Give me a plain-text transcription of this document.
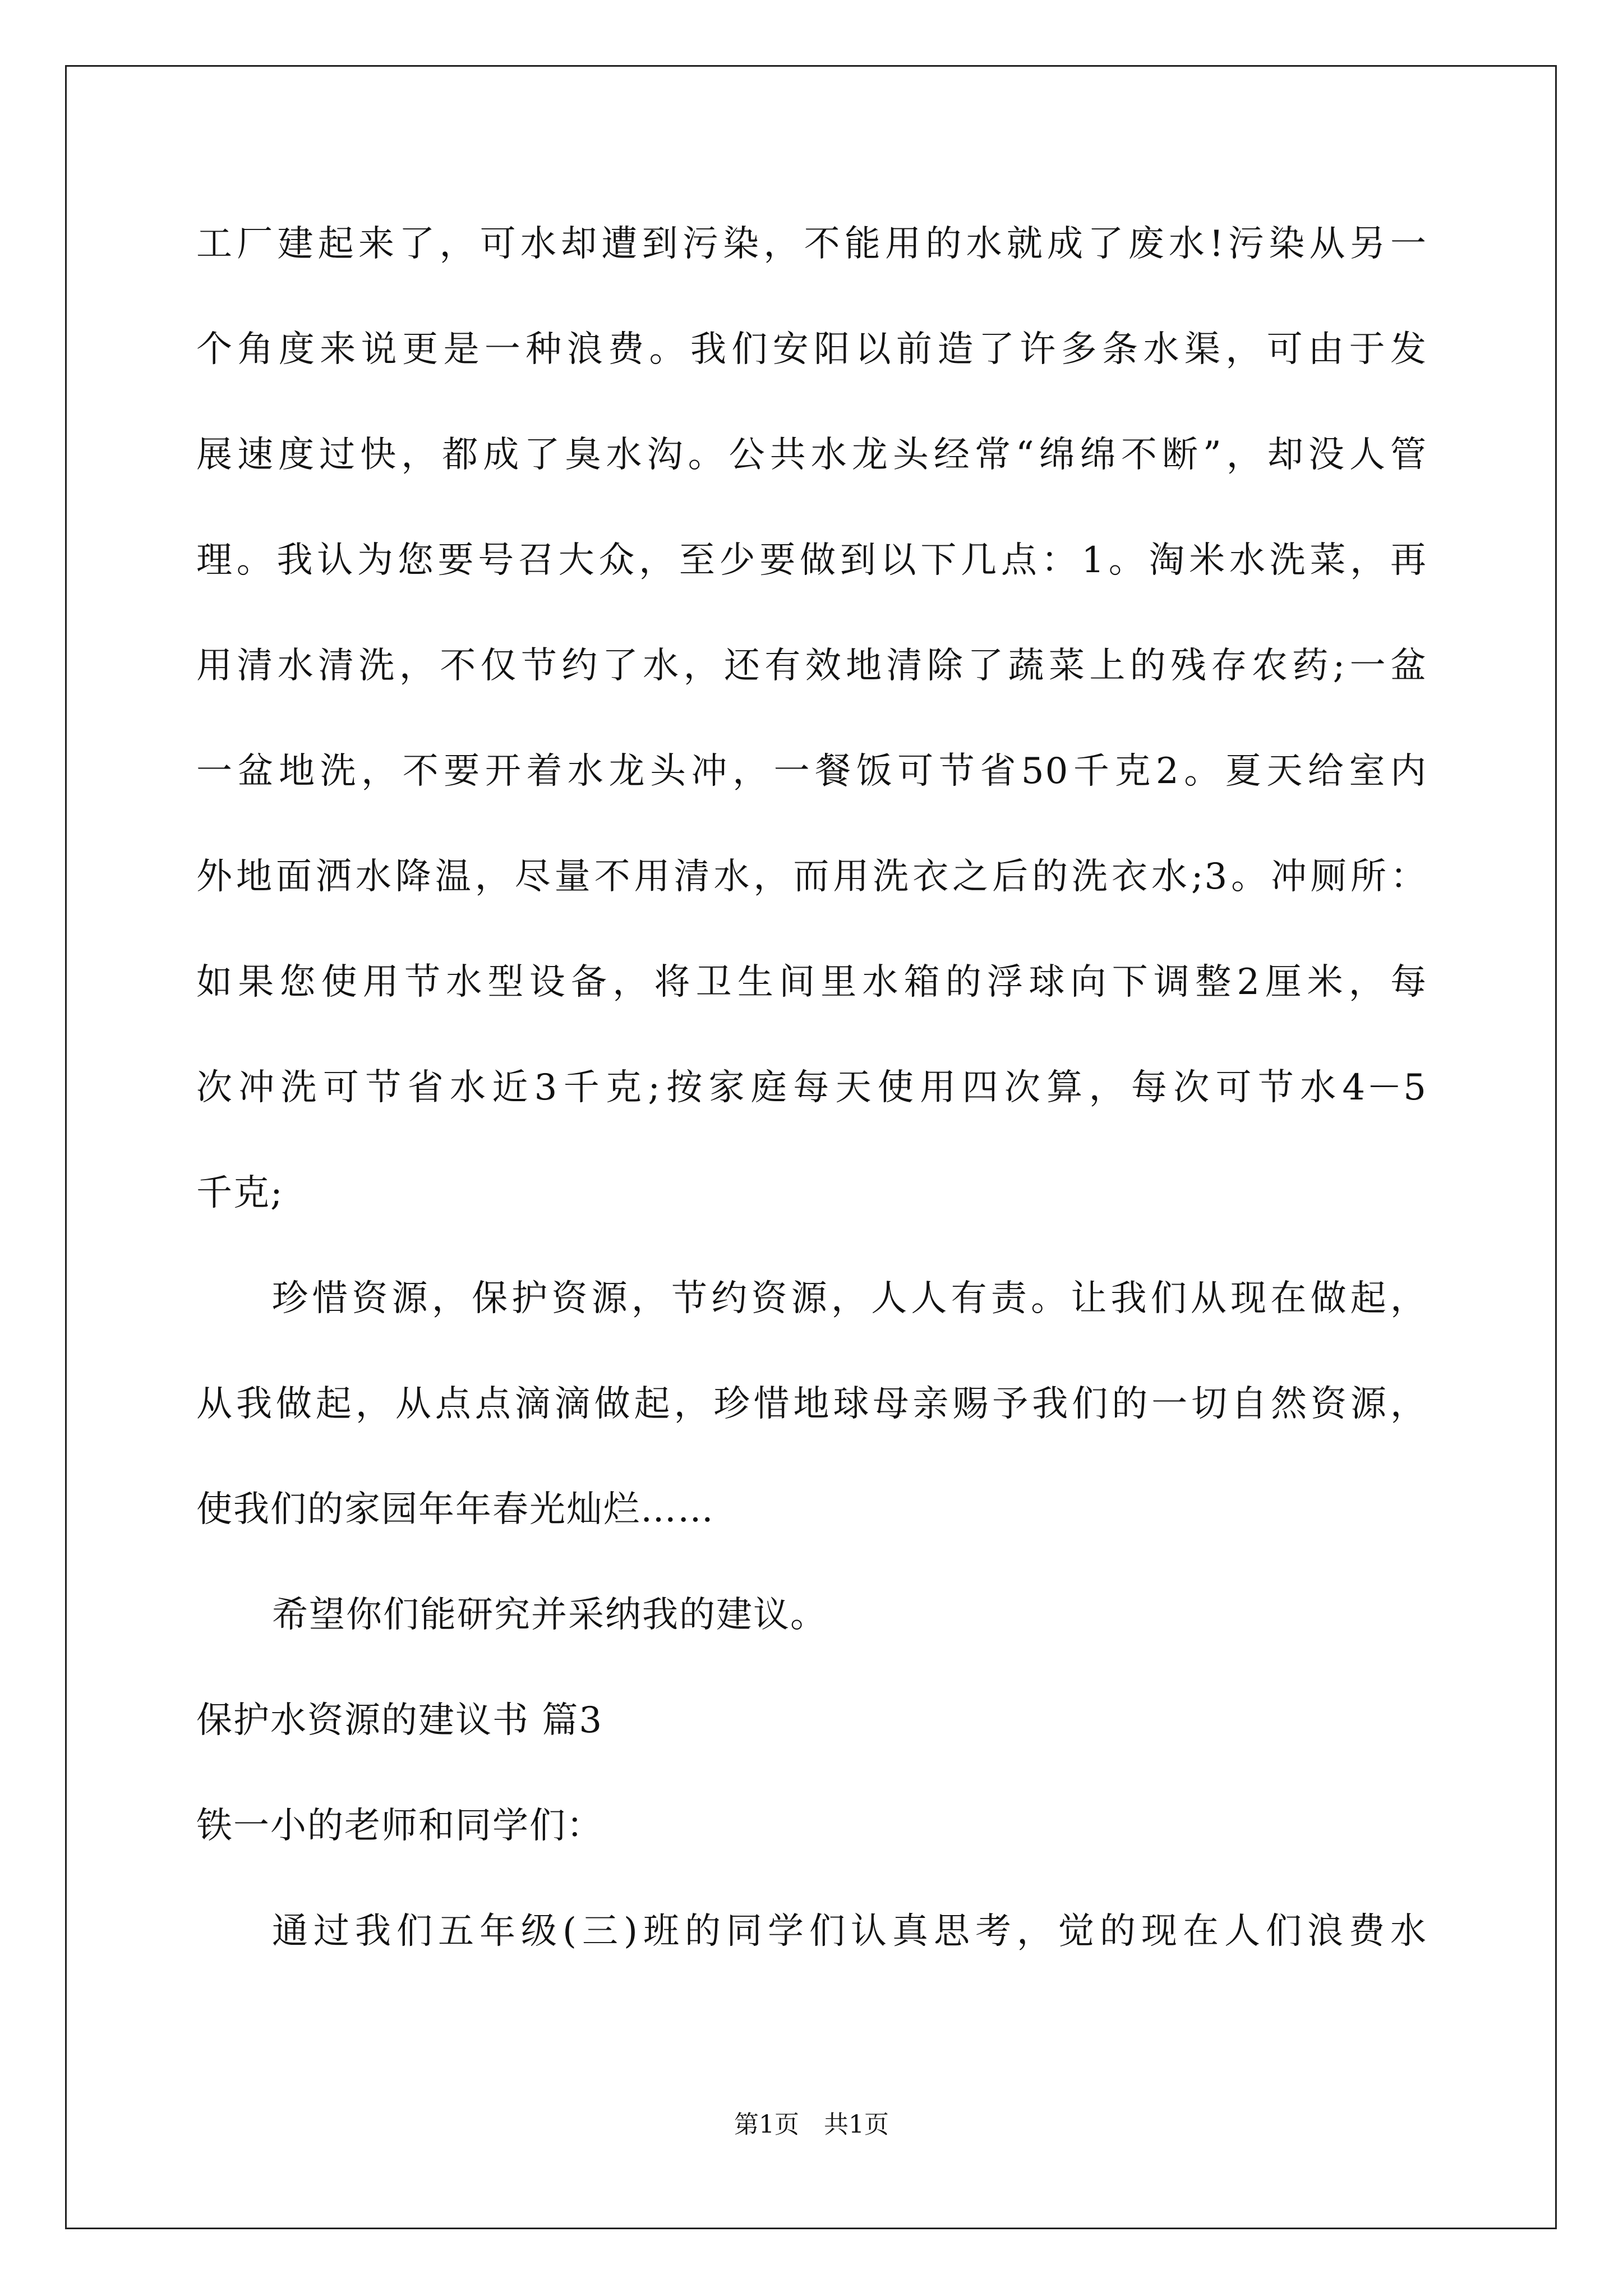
工厂建起来了，可水却遭到污染，不能用的水就成了废水!污染从另一
个角度来说更是一种浪费。我们安阳以前造了许多条水渠，可由于发
展速度过快，都成了臭水沟。公共水龙头经常“绵绵不断”，却没人管
理。我认为您要号召大众，至少要做到以下几点：1。淘米水洗菜，再
用清水清洗，不仅节约了水，还有效地清除了蔬菜上的残存农药;一盆
一盆地洗，不要开着水龙头冲，一餐饭可节省50千克2。夏天给室内
外地面洒水降温，尽量不用清水，而用洗衣之后的洗衣水;3。冲厕所：
如果您使用节水型设备，将卫生间里水箱的浮球向下调整2厘米，每
次冲洗可节省水近3千克;按家庭每天使用四次算，每次可节水4－5
千克;
珍惜资源，保护资源，节约资源，人人有责。让我们从现在做起，
从我做起，从点点滴滴做起，珍惜地球母亲赐予我们的一切自然资源，
使我们的家园年年春光灿烂……
希望你们能研究并采纳我的建议。
保护水资源的建议书 篇3
铁一小的老师和同学们：
通过我们五年级(三)班的同学们认真思考，觉的现在人们浪费水
第1页　共1页
